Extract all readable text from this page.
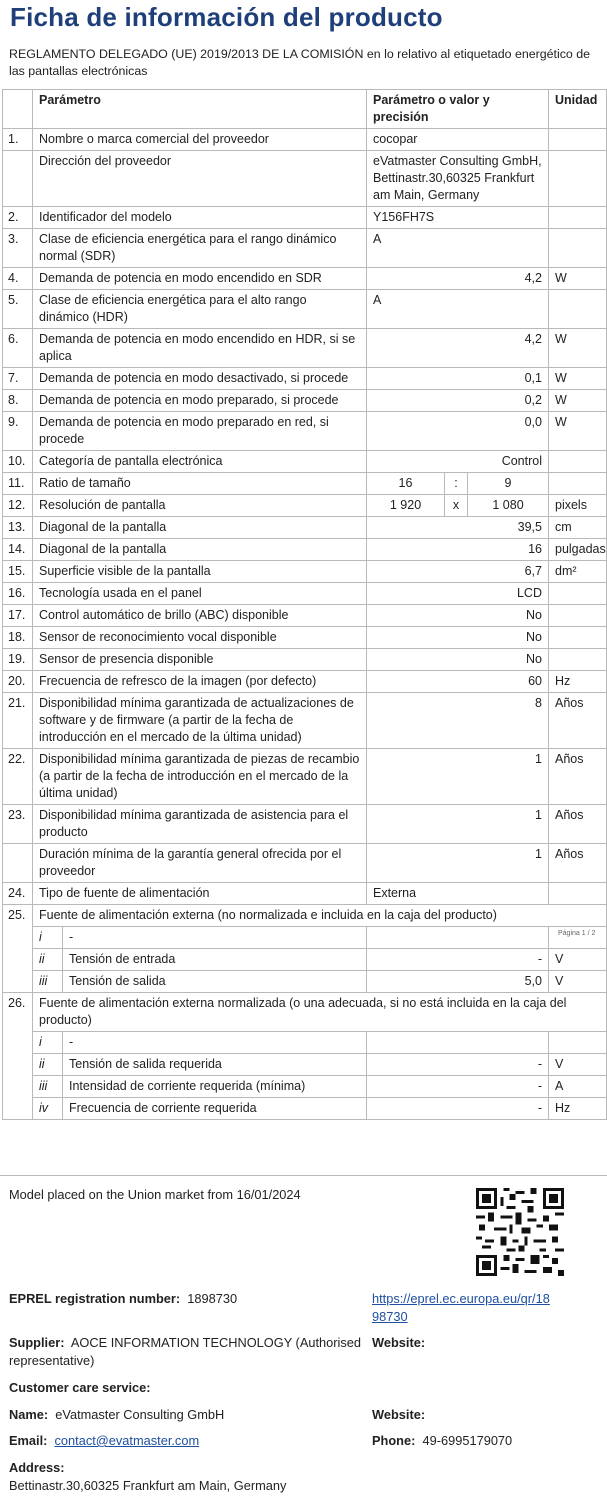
Ficha de información del producto
REGLAMENTO DELEGADO (UE) 2019/2013 DE LA COMISIÓN en lo relativo al etiquetado energético de las pantallas electrónicas
	Parámetro		Parámetro o valor y precisión			Unidad
1.	Nombre o marca comercial del proveedor		cocopar			
	Dirección del proveedor		eVatmaster Consulting GmbH, Bettinastr.30,60325 Frankfurt am Main, Germany			
2.	Identificador del modelo		Y156FH7S			
3.	Clase de eficiencia energética para el rango dinámico normal (SDR)		A			
4.	Demanda de potencia en modo encendido en SDR		4,2			W
5.	Clase de eficiencia energética para el alto rango dinámico (HDR)		A			
6.	Demanda de potencia en modo encendido en HDR, si se aplica		4,2			W
7.	Demanda de potencia en modo desactivado, si procede		0,1			W
8.	Demanda de potencia en modo preparado, si procede		0,2			W
9.	Demanda de potencia en modo preparado en red, si procede		0,0			W
10.	Categoría de pantalla electrónica		Control			
11.	Ratio de tamaño		16	:	9	
12.	Resolución de pantalla		1 920	x	1 080	pixels
13.	Diagonal de la pantalla		39,5			cm
14.	Diagonal de la pantalla		16			pulgadas
15.	Superficie visible de la pantalla		6,7			dm²
16.	Tecnología usada en el panel		LCD			
17.	Control automático de brillo (ABC) disponible		No			
18.	Sensor de reconocimiento vocal disponible		No			
19.	Sensor de presencia disponible		No			
20.	Frecuencia de refresco de la imagen (por defecto)		60			Hz
21.	Disponibilidad mínima garantizada de actualizaciones de software y de firmware (a partir de la fecha de introducción en el mercado de la última unidad)		8			Años
22.	Disponibilidad mínima garantizada de piezas de recambio (a partir de la fecha de introducción en el mercado de la última unidad)		1			Años
23.	Disponibilidad mínima garantizada de asistencia para el producto		1			Años
	Duración mínima de la garantía general ofrecida por el proveedor		1			Años
24.	Tipo de fuente de alimentación		Externa			
25.	Fuente de alimentación externa (no normalizada e incluida en la caja del producto)					
	i	-				
	ii	Tensión de entrada	-			V
	iii	Tensión de salida	5,0			V
26.	Fuente de alimentación externa normalizada (o una adecuada, si no está incluida en la caja del producto)					
	i	-				
	ii	Tensión de salida requerida	-			V
	iii	Intensidad de corriente requerida (mínima)	-			A
	iv	Frecuencia de corriente requerida	-			Hz
Página 1 / 2
Model placed on the Union market from 16/01/2024
EPREL registration number: 1898730	https://eprel.ec.europa.eu/qr/18
98730
Supplier: AOCE INFORMATION TECHNOLOGY (Authorised
representative)
Website:
Customer care service:
Name: eVatmaster Consulting GmbH	Website:
Email: contact@evatmaster.com	Phone: 49-6995179070
Address:
Bettinastr.30,60325 Frankfurt am Main, Germany
